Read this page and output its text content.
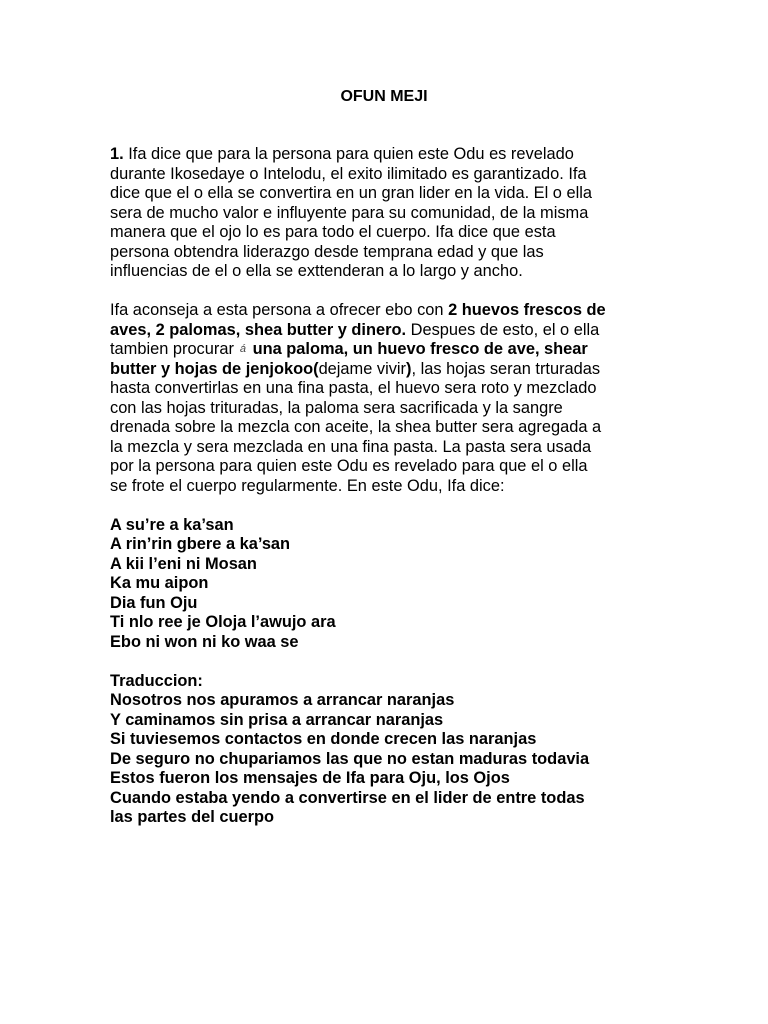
OFUN MEJI
1. Ifa dice que para la persona para quien este Odu es revelado
durante Ikosedaye o Intelodu, el exito ilimitado es garantizado. Ifa
dice que el o ella se convertira en un gran lider en la vida. El o ella
sera de mucho valor e influyente para su comunidad, de la misma
manera que el ojo lo es para todo el cuerpo. Ifa dice que esta
persona obtendra liderazgo desde temprana edad y que las
influencias de el o ella se exttenderan a lo largo y ancho.
Ifa aconseja a esta persona a ofrecer ebo con 2 huevos frescos de
aves, 2 palomas, shea butter y dinero. Despues de esto, el o ella
tambien procurar á una paloma, un huevo fresco de ave, shear
butter y hojas de jenjokoo(dejame vivir), las hojas seran trturadas
hasta convertirlas en una fina pasta, el huevo sera roto y mezclado
con las hojas trituradas, la paloma sera sacrificada y la sangre
drenada sobre la mezcla con aceite, la shea butter sera agregada a
la mezcla y sera mezclada en una fina pasta. La pasta sera usada
por la persona para quien este Odu es revelado para que el o ella
se frote el cuerpo regularmente. En este Odu, Ifa dice:
A su’re a ka’san
A rin’rin gbere a ka’san
A kii l’eni ni Mosan
Ka mu aipon
Dia fun Oju
Ti nlo ree je Oloja l’awujo ara
Ebo ni won ni ko waa se
Traduccion:
Nosotros nos apuramos a arrancar naranjas
Y caminamos sin prisa a arrancar naranjas
Si tuviesemos contactos en donde crecen las naranjas
De seguro no chupariamos las que no estan maduras todavia
Estos fueron los mensajes de Ifa para Oju, los Ojos
Cuando estaba yendo a convertirse en el lider de entre todas
las partes del cuerpo
